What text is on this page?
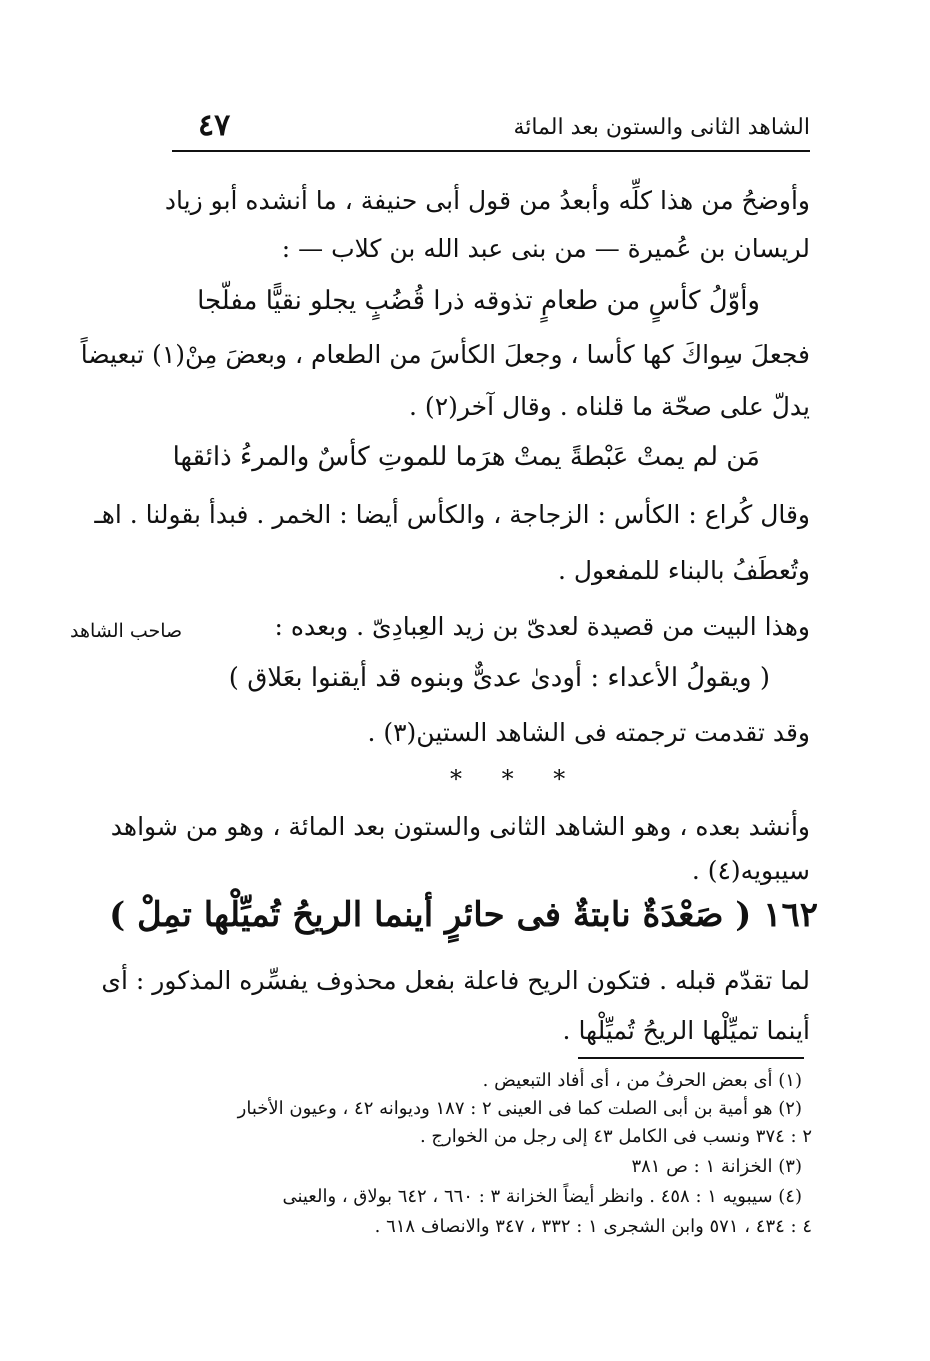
الشاهد الثانى والستون بعد المائة
٤٧
وأوضحُ من هذا كلِّه وأبعدُ من قول أبى حنيفة ، ما أنشده أبو زياد
لريسان بن عُميرة — من بنى عبد الله بن كلاب — :
وأوّلُ كأسٍ من طعامٍ تذوقه ذرا قُضُبٍ يجلو نقيًّا مفلّجا
فجعلَ سِواكَ كها كأسا ، وجعلَ الكأسَ من الطعام ، وبعضَ مِنْ(١) تبعيضاً
يدلّ على صحّة ما قلناه . وقال آخر(٢) .
مَن لم يمتْ عَبْطةً يمتْ هرَما للموتِ كأسٌ والمرءُ ذائقها
وقال كُراع : الكأس : الزجاجة ، والكأس أيضا : الخمر . فبدأ بقولنا . اهـ
وتُعطَفُ بالبناء للمفعول .
وهذا البيت من قصيدة لعدىّ بن زيد العِبادِىّ . وبعده :
صاحب الشاهد
( ويقولُ الأعداء : أودىٰ عدىٌّ وبنوه قد أيقنوا بعَلاق )
وقد تقدمت ترجمته فى الشاهد الستين(٣) .
* * *
وأنشد بعده ، وهو الشاهد الثانى والستون بعد المائة ، وهو من شواهد
سيبويه(٤) .
١٦٢ ( صَعْدَةٌ نابتةٌ فى حائرٍ أينما الريحُ تُميِّلْها تمِلْ )
لما تقدّم قبله . فتكون الريح فاعلة بفعل محذوف يفسِّره المذكور : أى
أينما تميِّلْها الريحُ تُميِّلْها .
(١) أى بعض الحرفُ من ، أى أفاد التبعيض .
(٢) هو أمية بن أبى الصلت كما فى العينى ٢ : ١٨٧ وديوانه ٤٢ ، وعيون الأخبار
٢ : ٣٧٤ ونسب فى الكامل ٤٣ إلى رجل من الخوارج .
(٣) الخزانة ١ : ص ٣٨١
(٤) سيبويه ١ : ٤٥٨ . وانظر أيضاً الخزانة ٣ : ٦٦٠ ، ٦٤٢ بولاق ، والعينى
٤ : ٤٣٤ ، ٥٧١ وابن الشجرى ١ : ٣٣٢ ، ٣٤٧ والانصاف ٦١٨ .
